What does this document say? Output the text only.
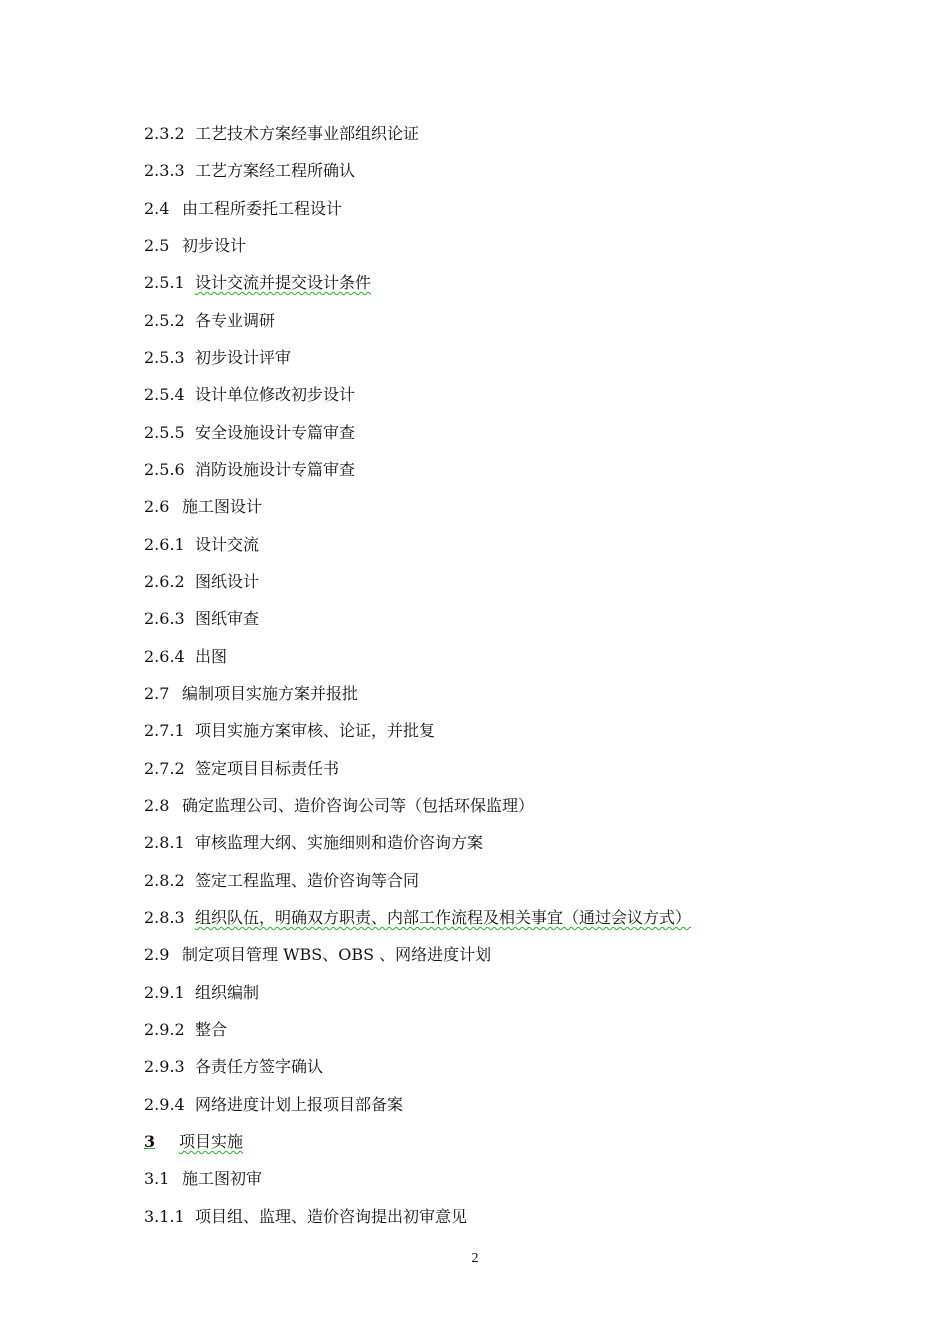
2.3.2 工艺技术方案经事业部组织论证
2.3.3 工艺方案经工程所确认
2.4 由工程所委托工程设计
2.5 初步设计
2.5.1 设计交流并提交设计条件
2.5.2 各专业调研
2.5.3 初步设计评审
2.5.4 设计单位修改初步设计
2.5.5 安全设施设计专篇审查
2.5.6 消防设施设计专篇审查
2.6 施工图设计
2.6.1 设计交流
2.6.2 图纸设计
2.6.3 图纸审查
2.6.4 出图
2.7 编制项目实施方案并报批
2.7.1 项目实施方案审核、论证，并批复
2.7.2 签定项目目标责任书
2.8 确定监理公司、造价咨询公司等（包括环保监理）
2.8.1 审核监理大纲、实施细则和造价咨询方案
2.8.2 签定工程监理、造价咨询等合同
2.8.3 组织队伍，明确双方职责、内部工作流程及相关事宜（通过会议方式）
2.9 制定项目管理 WBS、OBS 、网络进度计划
2.9.1 组织编制
2.9.2 整合
2.9.3 各责任方签字确认
2.9.4 网络进度计划上报项目部备案
3 项目实施
3.1 施工图初审
3.1.1 项目组、监理、造价咨询提出初审意见
2
